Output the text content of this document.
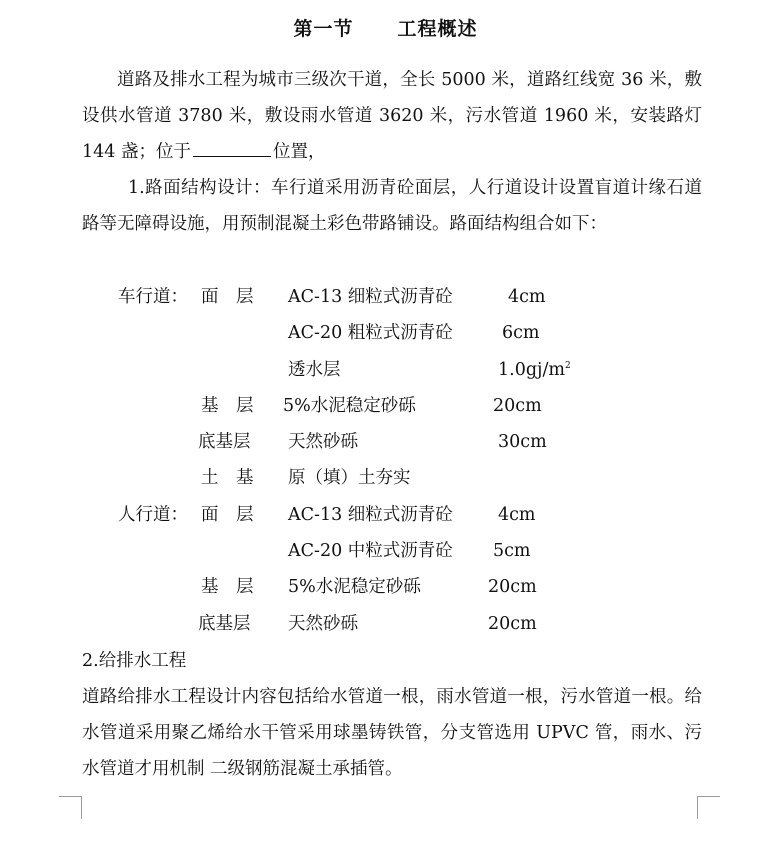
第一节 工程概述

道路及排水工程为城市三级次干道，全长 5000 米，道路红线宽 36 米，敷设供水管道 3780 米，敷设雨水管道 3620 米，污水管道 1960 米，安装路灯 144 盏；位于	位置，

1.路面结构设计：车行道采用沥青砼面层，人行道设计设置盲道计缘石道路等无障碍设施，用预制混凝土彩色带路铺设。路面结构组合如下：

车行道： 面　层 AC-13 细粒式沥青砼	4cm
AC-20 粗粒式沥青砼	6cm
透水层	$1.0gj/m^2$
基　层 5%水泥稳定砂砾	20cm
底基层 天然砂砾	30cm
土　基 原（填）土夯实
人行道： 面　层 AC-13 细粒式沥青砼	4cm
AC-20 中粒式沥青砼 5cm
基　层 5%水泥稳定砂砾	20cm
底基层 天然砂砾	20cm

2.给排水工程

道路给排水工程设计内容包括给水管道一根，雨水管道一根，污水管道一根。给水管道采用聚乙烯给水干管采用球墨铸铁管，分支管选用 UPVC 管，雨水、污水管道才用机制 二级钢筋混凝土承插管。
